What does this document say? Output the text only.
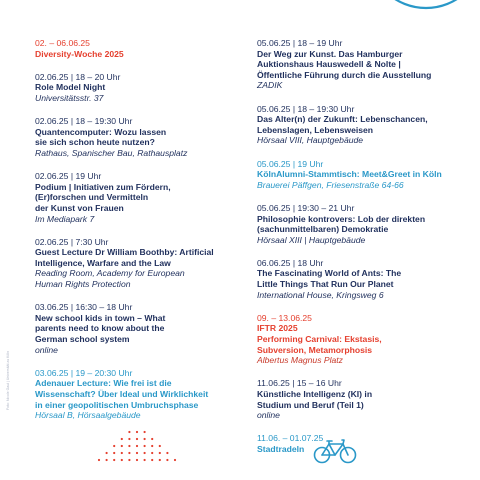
Foto: Nicole Gaul | Universität zu Köln
02. – 06.06.25
Diversity-Woche 2025
02.06.25 | 18 – 20 Uhr
Role Model Night
Universitätsstr. 37
02.06.25 | 18 – 19:30 Uhr
Quantencomputer: Wozu lassen
sie sich schon heute nutzen?
Rathaus, Spanischer Bau, Rathausplatz
02.06.25 | 19 Uhr
Podium | Initiativen zum Fördern,
(Er)forschen und Vermitteln
der Kunst von Frauen
Im Mediapark 7
02.06.25 | 7:30 Uhr
Guest Lecture Dr William Boothby: Artificial
Intelligence, Warfare and the Law
Reading Room, Academy for European
Human Rights Protection
03.06.25 | 16:30 – 18 Uhr
New school kids in town – What
parents need to know about the
German school system
online
03.06.25 | 19 – 20:30 Uhr
Adenauer Lecture: Wie frei ist die
Wissenschaft? Über Ideal und Wirklichkeit
in einer geopolitischen Umbruchsphase
Hörsaal B, Hörsaalgebäude
05.06.25 | 18 – 19 Uhr
Der Weg zur Kunst. Das Hamburger
Auktionshaus Hauswedell & Nolte |
Öffentliche Führung durch die Ausstellung
ZADIK
05.06.25 | 18 – 19:30 Uhr
Das Alter(n) der Zukunft: Lebenschancen,
Lebenslagen, Lebensweisen
Hörsaal VIII, Hauptgebäude
05.06.25 | 19 Uhr
KölnAlumni-Stammtisch: Meet&Greet in Köln
Brauerei Päffgen, Friesenstraße 64-66
05.06.25 | 19:30 – 21 Uhr
Philosophie kontrovers: Lob der direkten
(sachunmittelbaren) Demokratie
Hörsaal XIII | Hauptgebäude
06.06.25 | 18 Uhr
The Fascinating World of Ants: The
Little Things That Run Our Planet
International House, Kringsweg 6
09. – 13.06.25
IFTR 2025
Performing Carnival: Ekstasis,
Subversion, Metamorphosis
Albertus Magnus Platz
11.06.25 | 15 – 16 Uhr
Künstliche Intelligenz (KI) in
Studium und Beruf (Teil 1)
online
11.06. – 01.07.25
Stadtradeln
